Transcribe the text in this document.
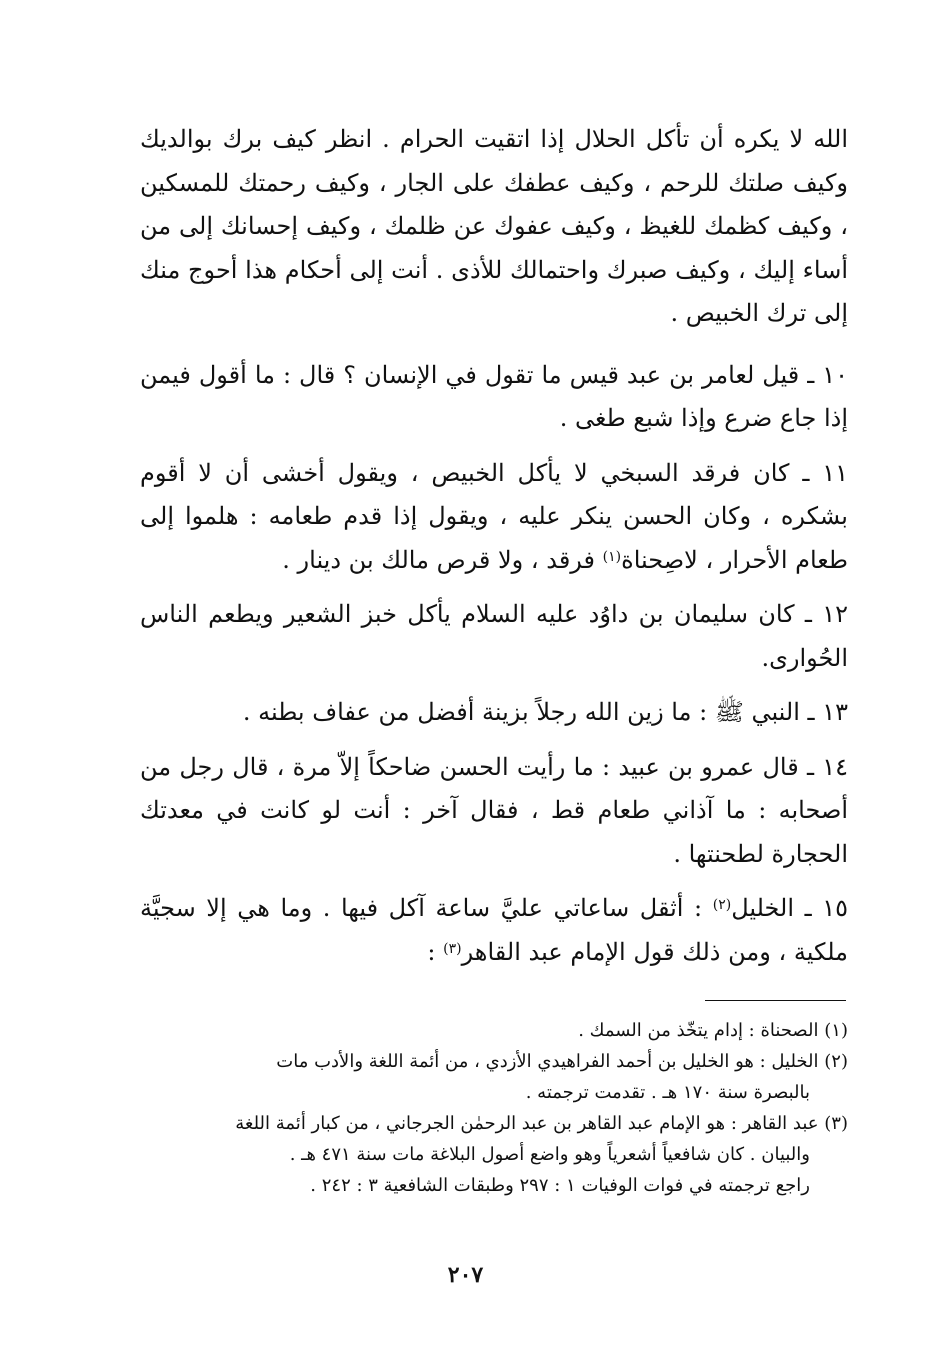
الله لا يكره أن تأكل الحلال إذا اتقيت الحرام . انظر كيف برك بوالديك وكيف صلتك للرحم ، وكيف عطفك على الجار ، وكيف رحمتك للمسكين ، وكيف كظمك للغيظ ، وكيف عفوك عن ظلمك ، وكيف إحسانك إلى من أساء إليك ، وكيف صبرك واحتمالك للأذى . أنت إلى أحكام هذا أحوج منك إلى ترك الخبيص .

١٠ ـ قيل لعامر بن عبد قيس ما تقول في الإنسان ؟ قال : ما أقول فيمن إذا جاع ضرع وإذا شبع طغى .

١١ ـ كان فرقد السبخي لا يأكل الخبيص ، ويقول أخشى أن لا أقوم بشكره ، وكان الحسن ينكر عليه ، ويقول إذا قدم طعامه : هلموا إلى طعام الأحرار ، لاصِحناة$^{(١)}$ فرقد ، ولا قرص مالك بن دينار .

١٢ ـ كان سليمان بن داوُد عليه السلام يأكل خبز الشعير ويطعم الناس الحُوارى.

١٣ ـ النبي ﷺ : ما زين الله رجلاً بزينة أفضل من عفاف بطنه .

١٤ ـ قال عمرو بن عبيد : ما رأيت الحسن ضاحكاً إلاّ مرة ، قال رجل من أصحابه : ما آذاني طعام قط ، فقال آخر : أنت لو كانت في معدتك الحجارة لطحنتها .

١٥ ـ الخليل$^{(٢)}$ : أثقل ساعاتي عليَّ ساعة آكل فيها . وما هي إلا سجيَّة ملكية ، ومن ذلك قول الإمام عبد القاهر$^{(٣)}$ :

(١) الصحناة : إدام يتخّذ من السمك .

(٢) الخليل : هو الخليل بن أحمد الفراهيدي الأزدي ، من أئمة اللغة والأدب مات

بالبصرة سنة ١٧٠ هـ . تقدمت ترجمته .

(٣) عبد القاهر : هو الإمام عبد القاهر بن عبد الرحمٰن الجرجاني ، من كبار أئمة اللغة

والبيان . كان شافعياً أشعرياً وهو واضع أصول البلاغة مات سنة ٤٧١ هـ .

راجع ترجمته في فوات الوفيات ١ : ٢٩٧ وطبقات الشافعية ٣ : ٢٤٢ .

٢٠٧
